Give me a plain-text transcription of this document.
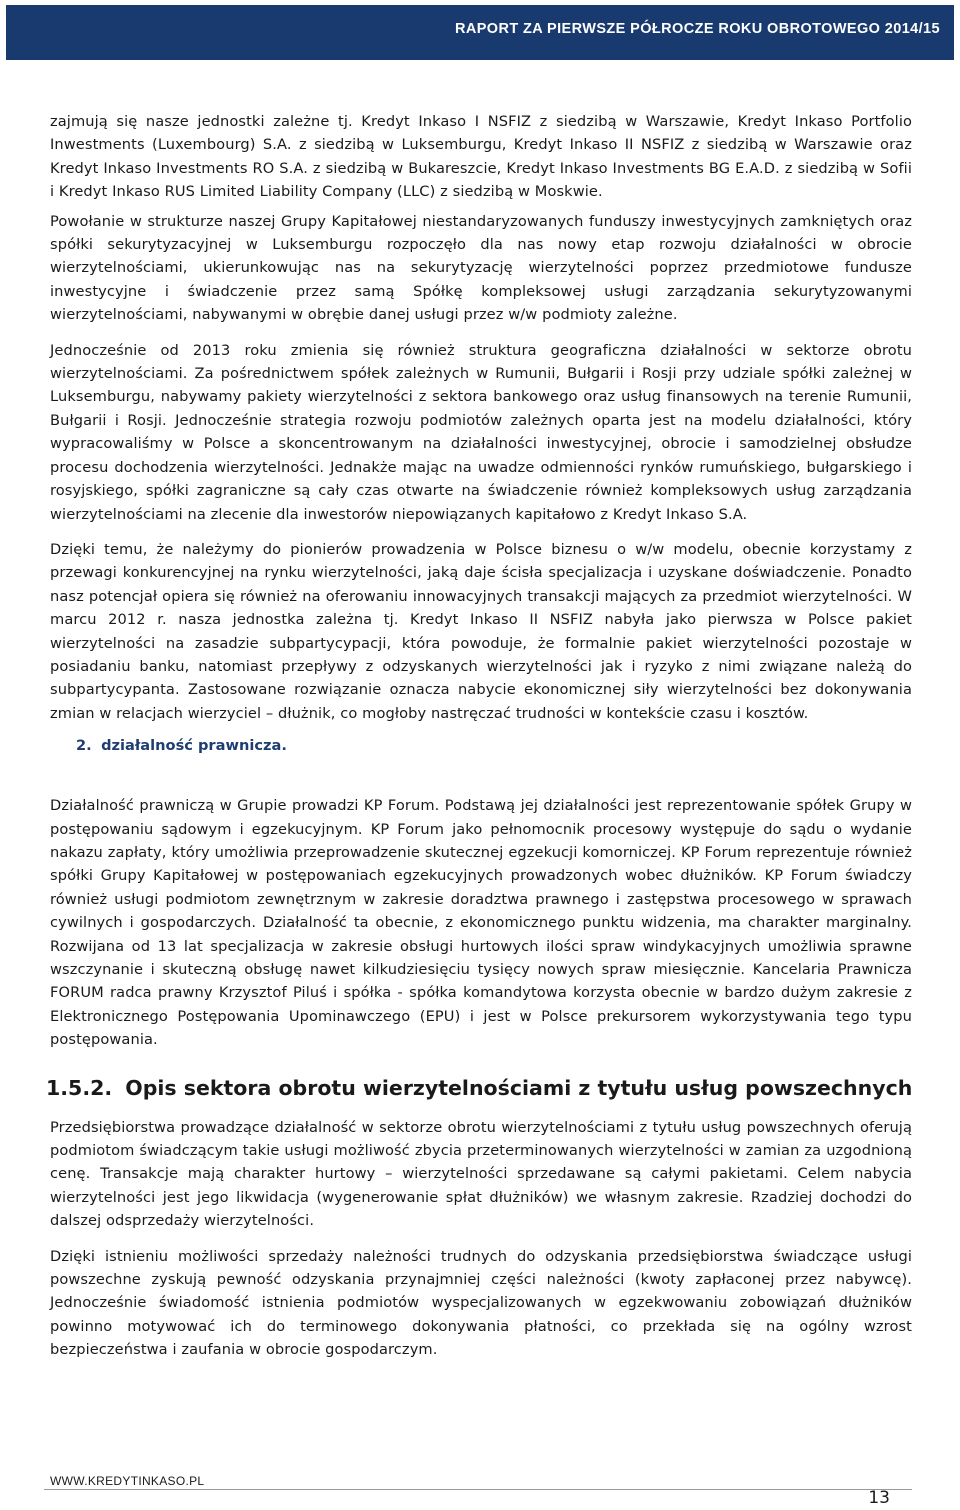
RAPORT ZA PIERWSZE PÓŁROCZE ROKU OBROTOWEGO 2014/15

zajmują się nasze jednostki zależne tj. Kredyt Inkaso I NSFIZ z siedzibą w Warszawie, Kredyt Inkaso Portfolio Inwestments (Luxembourg) S.A. z siedzibą w Luksemburgu, Kredyt Inkaso II NSFIZ z siedzibą w Warszawie oraz Kredyt Inkaso Investments RO S.A. z siedzibą w Bukareszcie, Kredyt Inkaso Investments BG E.A.D. z siedzibą w Sofii i Kredyt Inkaso RUS Limited Liability Company (LLC) z siedzibą w Moskwie.

Powołanie w strukturze naszej Grupy Kapitałowej niestandaryzowanych funduszy inwestycyjnych zamkniętych oraz spółki sekurytyzacyjnej w Luksemburgu rozpoczęło dla nas nowy etap rozwoju działalności w obrocie wierzytelnościami, ukierunkowując nas na sekurytyzację wierzytelności poprzez przedmiotowe fundusze inwestycyjne i świadczenie przez samą Spółkę kompleksowej usługi zarządzania sekurytyzowanymi wierzytelnościami, nabywanymi w obrębie danej usługi przez w/w podmioty zależne.

Jednocześnie od 2013 roku zmienia się również struktura geograficzna działalności w sektorze obrotu wierzytelnościami. Za pośrednictwem spółek zależnych w Rumunii, Bułgarii i Rosji przy udziale spółki zależnej w Luksemburgu, nabywamy pakiety wierzytelności z sektora bankowego oraz usług finansowych na terenie Rumunii, Bułgarii i Rosji. Jednocześnie strategia rozwoju podmiotów zależnych oparta jest na modelu działalności, który wypracowaliśmy w Polsce a skoncentrowanym na działalności inwestycyjnej, obrocie i samodzielnej obsłudze procesu dochodzenia wierzytelności. Jednakże mając na uwadze odmienności rynków rumuńskiego, bułgarskiego i rosyjskiego, spółki zagraniczne są cały czas otwarte na świadczenie również kompleksowych usług zarządzania wierzytelnościami na zlecenie dla inwestorów niepowiązanych kapitałowo z Kredyt Inkaso S.A.

Dzięki temu, że należymy do pionierów prowadzenia w Polsce biznesu o w/w modelu, obecnie korzystamy z przewagi konkurencyjnej na rynku wierzytelności, jaką daje ścisła specjalizacja i uzyskane doświadczenie. Ponadto nasz potencjał opiera się również na oferowaniu innowacyjnych transakcji mających za przedmiot wierzytelności. W marcu 2012 r. nasza jednostka zależna tj. Kredyt Inkaso II NSFIZ nabyła jako pierwsza w Polsce pakiet wierzytelności na zasadzie subpartycypacji, która powoduje, że formalnie pakiet wierzytelności pozostaje w posiadaniu banku, natomiast przepływy z odzyskanych wierzytelności jak i ryzyko z nimi związane należą do subpartycypanta. Zastosowane rozwiązanie oznacza nabycie ekonomicznej siły wierzytelności bez dokonywania zmian w relacjach wierzyciel – dłużnik, co mogłoby nastręczać trudności w kontekście czasu i kosztów.

2. działalność prawnicza.

Działalność prawniczą w Grupie prowadzi KP Forum. Podstawą jej działalności jest reprezentowanie spółek Grupy w postępowaniu sądowym i egzekucyjnym. KP Forum jako pełnomocnik procesowy występuje do sądu o wydanie nakazu zapłaty, który umożliwia przeprowadzenie skutecznej egzekucji komorniczej. KP Forum reprezentuje również spółki Grupy Kapitałowej w postępowaniach egzekucyjnych prowadzonych wobec dłużników. KP Forum świadczy również usługi podmiotom zewnętrznym w zakresie doradztwa prawnego i zastępstwa procesowego w sprawach cywilnych i gospodarczych. Działalność ta obecnie, z ekonomicznego punktu widzenia, ma charakter marginalny. Rozwijana od 13 lat specjalizacja w zakresie obsługi hurtowych ilości spraw windykacyjnych umożliwia sprawne wszczynanie i skuteczną obsługę nawet kilkudziesięciu tysięcy nowych spraw miesięcznie. Kancelaria Prawnicza FORUM radca prawny Krzysztof Piluś i spółka - spółka komandytowa korzysta obecnie w bardzo dużym zakresie z Elektronicznego Postępowania Upominawczego (EPU) i jest w Polsce prekursorem wykorzystywania tego typu postępowania.

1.5.2. Opis sektora obrotu wierzytelnościami z tytułu usług powszechnych

Przedsiębiorstwa prowadzące działalność w sektorze obrotu wierzytelnościami z tytułu usług powszechnych oferują podmiotom świadczącym takie usługi możliwość zbycia przeterminowanych wierzytelności w zamian za uzgodnioną cenę. Transakcje mają charakter hurtowy – wierzytelności sprzedawane są całymi pakietami. Celem nabycia wierzytelności jest jego likwidacja (wygenerowanie spłat dłużników) we własnym zakresie. Rzadziej dochodzi do dalszej odsprzedaży wierzytelności.

Dzięki istnieniu możliwości sprzedaży należności trudnych do odzyskania przedsiębiorstwa świadczące usługi powszechne zyskują pewność odzyskania przynajmniej części należności (kwoty zapłaconej przez nabywcę). Jednocześnie świadomość istnienia podmiotów wyspecjalizowanych w egzekwowaniu zobowiązań dłużników powinno motywować ich do terminowego dokonywania płatności, co przekłada się na ogólny wzrost bezpieczeństwa i zaufania w obrocie gospodarczym.

WWW.KREDYTINKASO.PL
13
